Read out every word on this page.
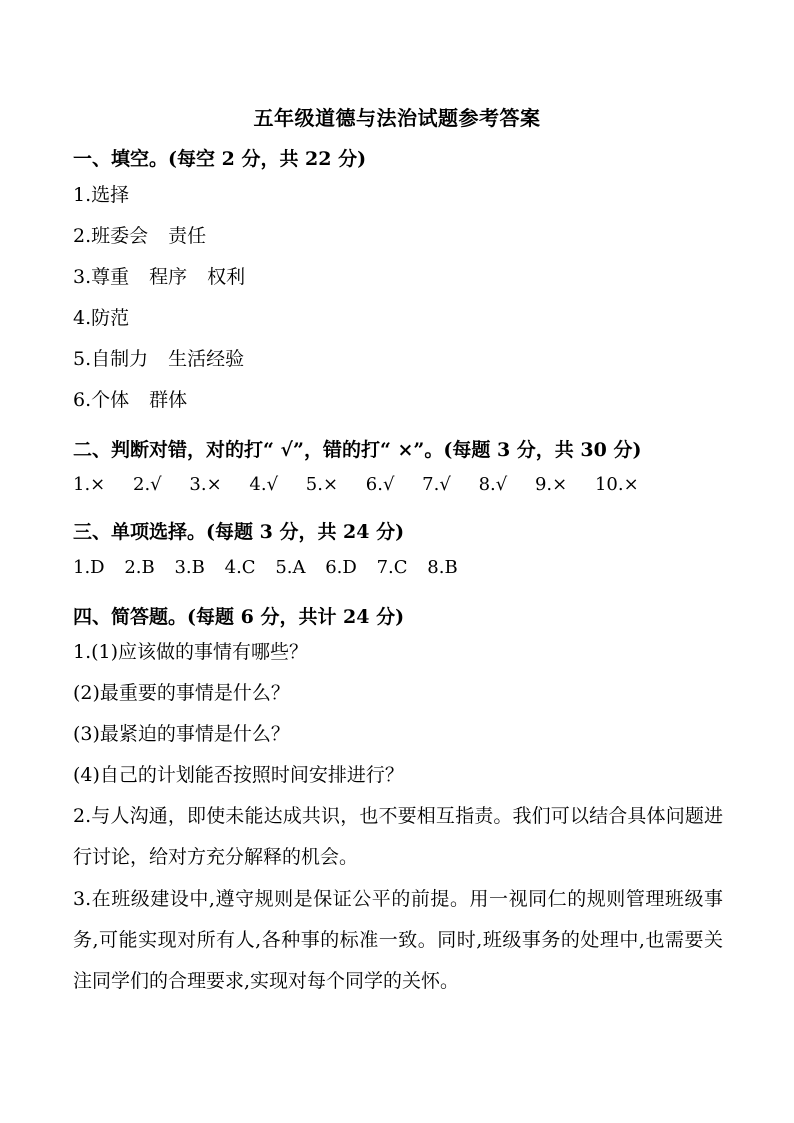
五年级道德与法治试题参考答案
一、填空。(每空 2 分，共 22 分)
1.选择
2.班委会 责任
3.尊重 程序 权利
4.防范
5.自制力 生活经验
6.个体 群体
二、判断对错，对的打“ √”，错的打“ ×”。(每题 3 分，共 30 分)
1.× 2.√ 3.× 4.√ 5.× 6.√ 7.√ 8.√ 9.× 10.×
三、单项选择。(每题 3 分，共 24 分)
1.D 2.B 3.B 4.C 5.A 6.D 7.C 8.B
四、简答题。(每题 6 分，共计 24 分)
1.(1)应该做的事情有哪些？
(2)最重要的事情是什么？
(3)最紧迫的事情是什么？
(4)自己的计划能否按照时间安排进行？
2.与人沟通，即使未能达成共识，也不要相互指责。我们可以结合具体问题进行讨论，给对方充分解释的机会。
3.在班级建设中,遵守规则是保证公平的前提。用一视同仁的规则管理班级事务,可能实现对所有人,各种事的标准一致。同时,班级事务的处理中,也需要关注同学们的合理要求,实现对每个同学的关怀。
